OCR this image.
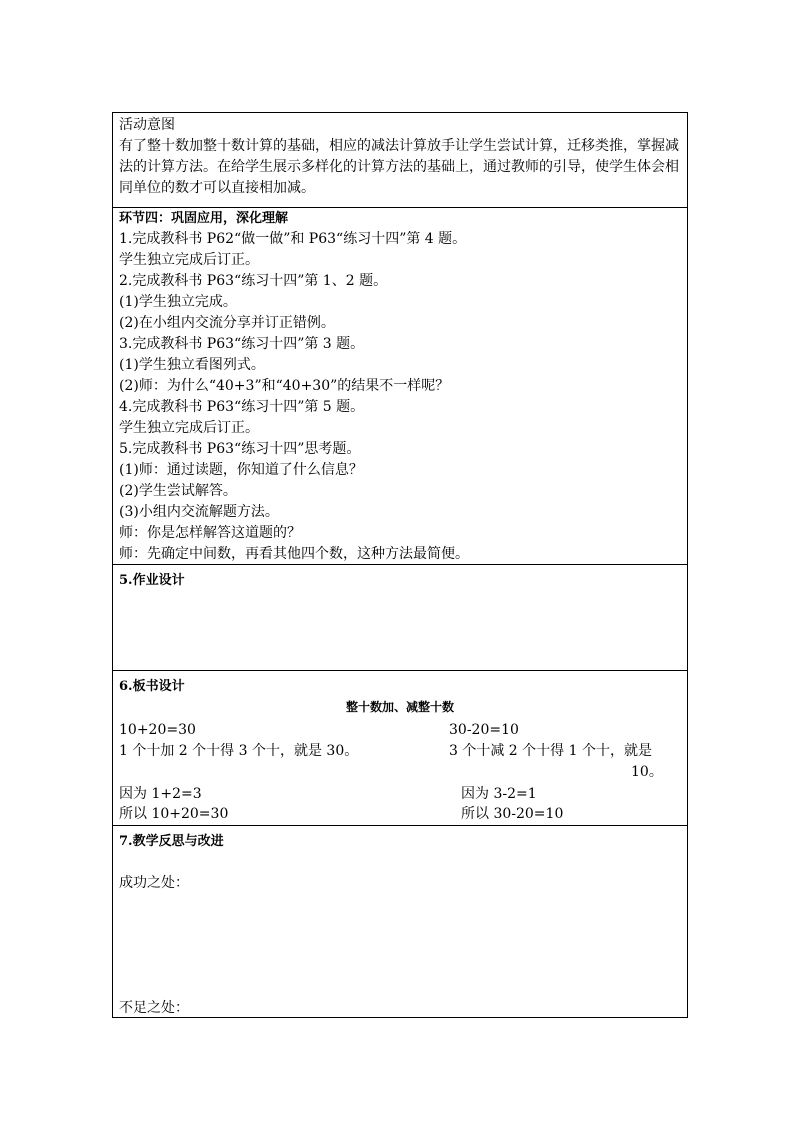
活动意图
有了整十数加整十数计算的基础，相应的减法计算放手让学生尝试计算，迁移类推，掌握减法的计算方法。在给学生展示多样化的计算方法的基础上，通过教师的引导，使学生体会相同单位的数才可以直接相加减。
环节四：巩固应用，深化理解
1.完成教科书 P62“做一做”和 P63“练习十四”第 4 题。
学生独立完成后订正。
2.完成教科书 P63“练习十四”第 1、2 题。
(1)学生独立完成。
(2)在小组内交流分享并订正错例。
3.完成教科书 P63“练习十四”第 3 题。
(1)学生独立看图列式。
(2)师：为什么“40+3”和“40+30”的结果不一样呢？
4.完成教科书 P63“练习十四”第 5 题。
学生独立完成后订正。
5.完成教科书 P63“练习十四”思考题。
(1)师：通过读题，你知道了什么信息？
(2)学生尝试解答。
(3)小组内交流解题方法。
师：你是怎样解答这道题的？
师：先确定中间数，再看其他四个数，这种方法最简便。
5.作业设计
6.板书设计
整十数加、减整十数
10+20=30
1 个十加 2 个十得 3 个十，就是 30。
因为 1+2=3
所以 10+20=30
30-20=10
3 个十减 2 个十得 1 个十，就是
10。
因为 3-2=1
所以 30-20=10
7.教学反思与改进
成功之处：
不足之处：
